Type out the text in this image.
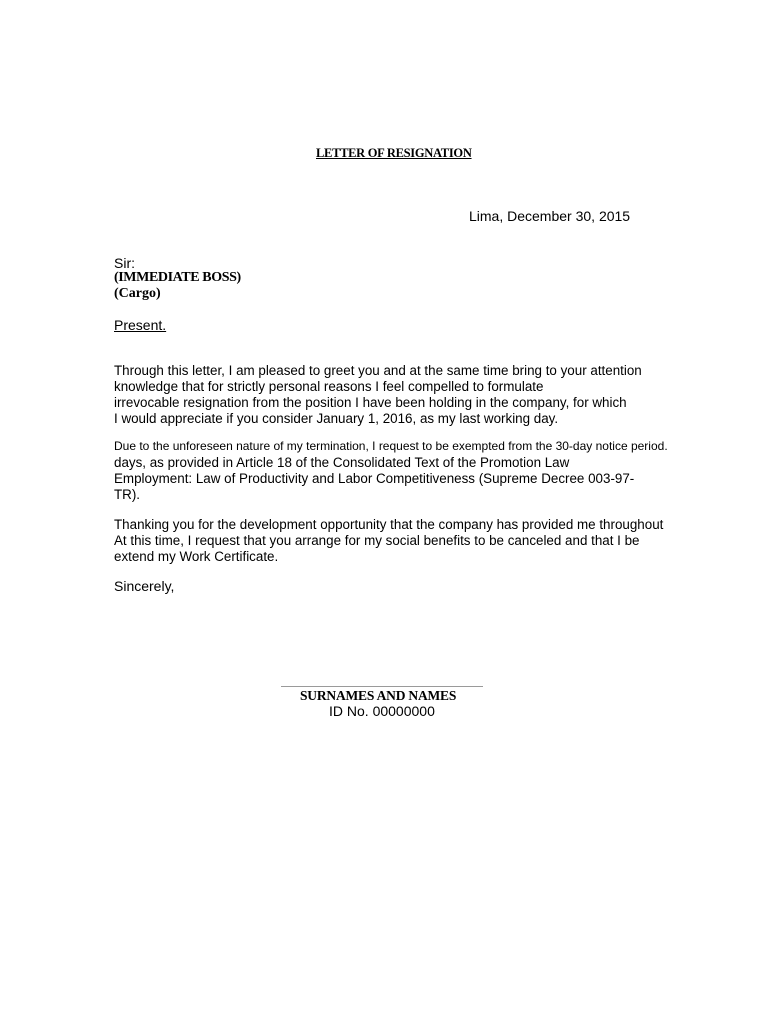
LETTER OF RESIGNATION
Lima, December 30, 2015
Sir:
(IMMEDIATE BOSS)
(Cargo)
Present.
Through this letter, I am pleased to greet you and at the same time bring to your attention
knowledge that for strictly personal reasons I feel compelled to formulate
irrevocable resignation from the position I have been holding in the company, for which
I would appreciate if you consider January 1, 2016, as my last working day.
Due to the unforeseen nature of my termination, I request to be exempted from the 30-day notice period.
days, as provided in Article 18 of the Consolidated Text of the Promotion Law
Employment: Law of Productivity and Labor Competitiveness (Supreme Decree 003-97-
TR).
Thanking you for the development opportunity that the company has provided me throughout
At this time, I request that you arrange for my social benefits to be canceled and that I be
extend my Work Certificate.
Sincerely,
SURNAMES AND NAMES
ID No. 00000000
